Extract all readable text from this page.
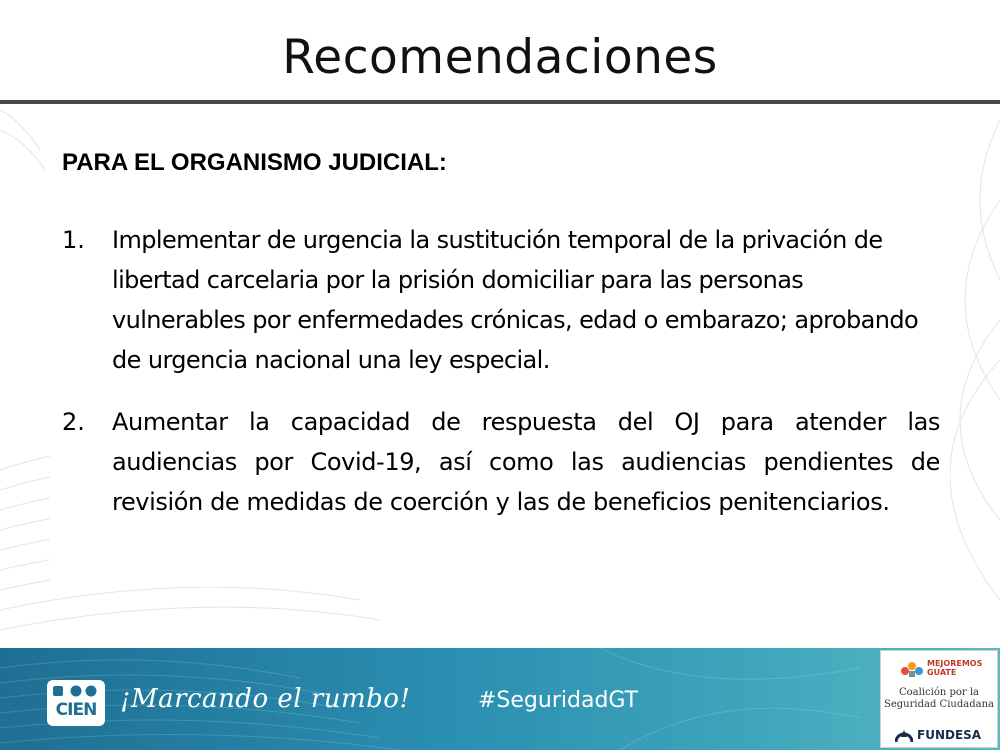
Recomendaciones
PARA EL ORGANISMO JUDICIAL:
1.	Implementar de urgencia la sustitución temporal de la privación de libertad carcelaria por la prisión domiciliar para las personas vulnerables por enfermedades crónicas, edad o embarazo; aprobando de urgencia nacional una ley especial.
2.	Aumentar la capacidad de respuesta del OJ para atender las audiencias por Covid-19, así como las audiencias pendientes de revisión de medidas de coerción y las de beneficios penitenciarios.
CIEN ¡Marcando el rumbo!	#SeguridadGT
MEJOREMOS
GUATE
Coalición por la
Seguridad Ciudadana
FUNDESA
